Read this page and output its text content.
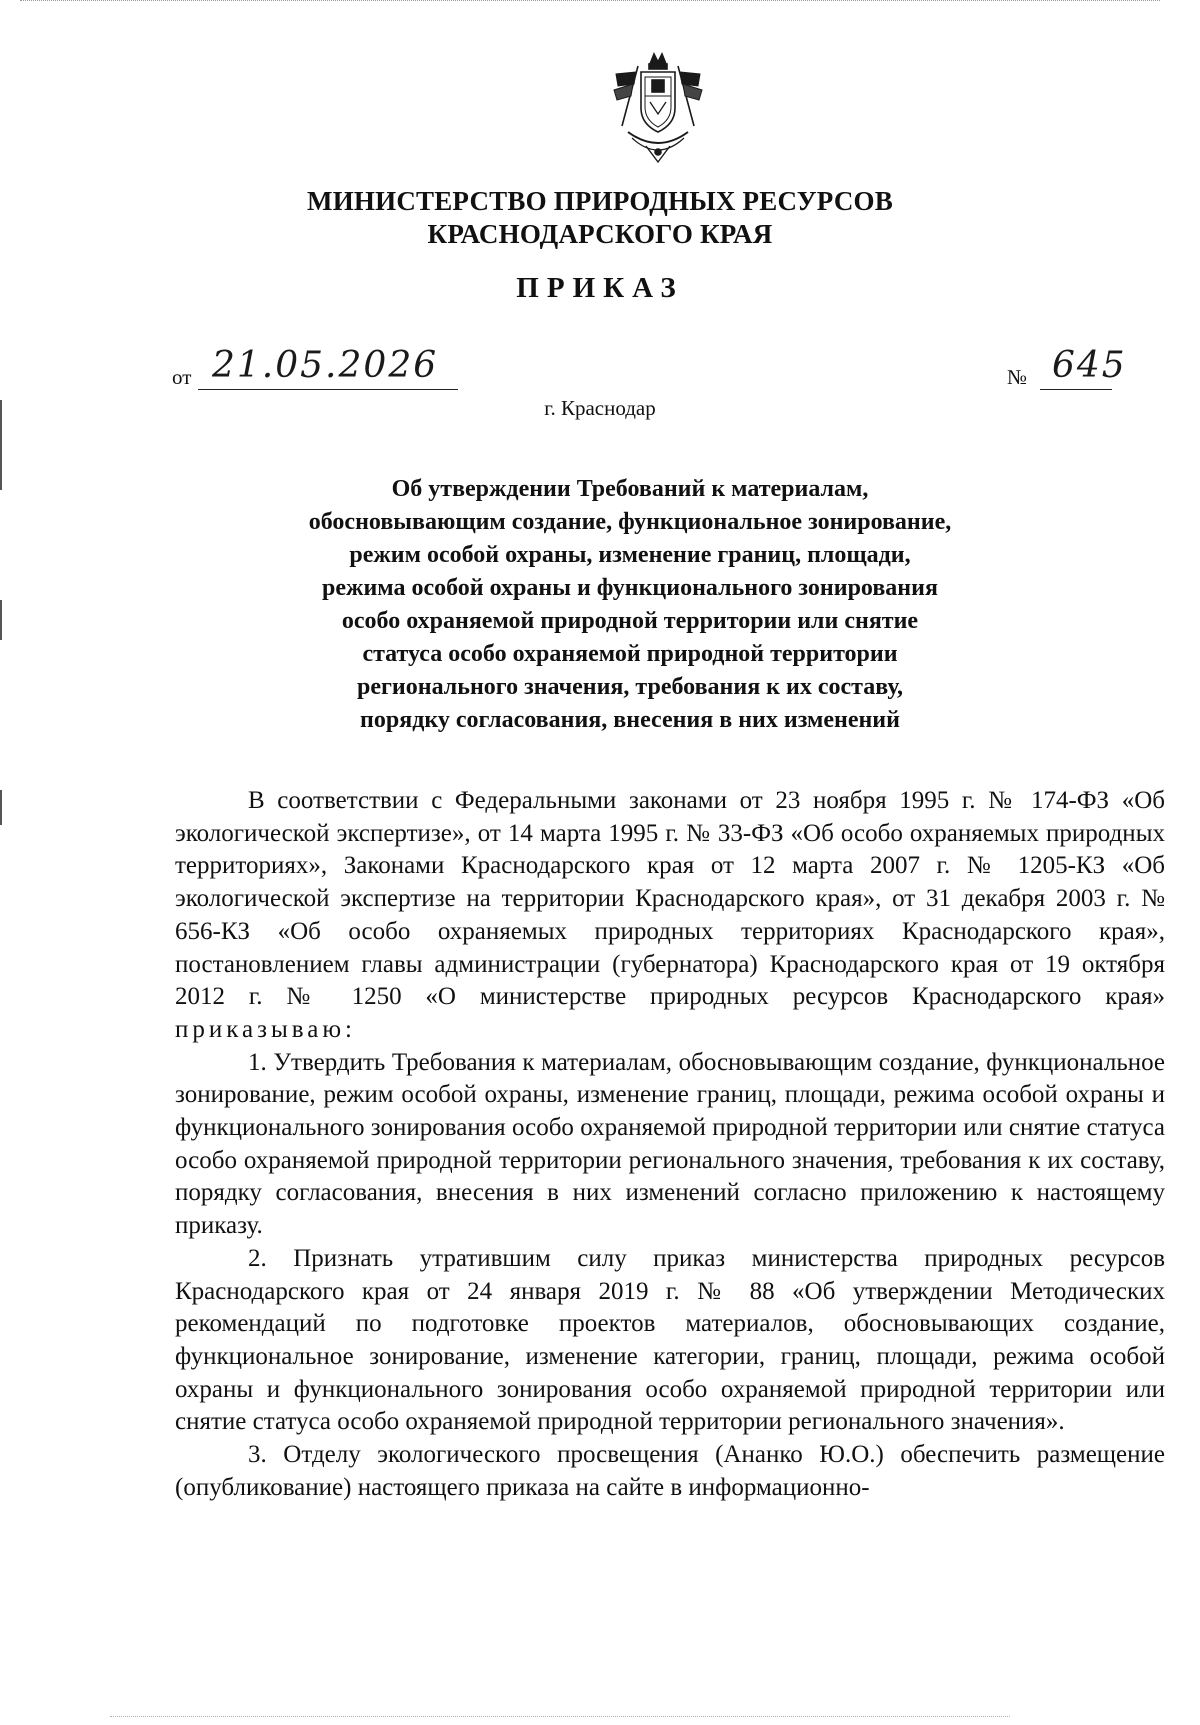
МИНИСТЕРСТВО ПРИРОДНЫХ РЕСУРСОВ
КРАСНОДАРСКОГО КРАЯ
ПРИКАЗ
от 21.05.2026	№ 645
г. Краснодар
Об утверждении Требований к материалам,
обосновывающим создание, функциональное зонирование,
режим особой охраны, изменение границ, площади,
режима особой охраны и функционального зонирования
особо охраняемой природной территории или снятие
статуса особо охраняемой природной территории
регионального значения, требования к их составу,
порядку согласования, внесения в них изменений

В соответствии с Федеральными законами от 23 ноября 1995 г. № 174-ФЗ «Об экологической экспертизе», от 14 марта 1995 г. № 33-ФЗ «Об особо охраняемых природных территориях», Законами Краснодарского края от 12 марта 2007 г. № 1205-КЗ «Об экологической экспертизе на территории Краснодарского края», от 31 декабря 2003 г. № 656-КЗ «Об особо охраняемых природных территориях Краснодарского края», постановлением главы администрации (губернатора) Краснодарского края от 19 октября 2012 г. № 1250 «О министерстве природных ресурсов Краснодарского края» приказываю:

1. Утвердить Требования к материалам, обосновывающим создание, функциональное зонирование, режим особой охраны, изменение границ, площади, режима особой охраны и функционального зонирования особо охраняемой природной территории или снятие статуса особо охраняемой природной территории регионального значения, требования к их составу, порядку согласования, внесения в них изменений согласно приложению к настоящему приказу.

2. Признать утратившим силу приказ министерства природных ресурсов Краснодарского края от 24 января 2019 г. № 88 «Об утверждении Методических рекомендаций по подготовке проектов материалов, обосновывающих создание, функциональное зонирование, изменение категории, границ, площади, режима особой охраны и функционального зонирования особо охраняемой природной территории или снятие статуса особо охраняемой природной территории регионального значения».

3. Отделу экологического просвещения (Ананко Ю.О.) обеспечить размещение (опубликование) настоящего приказа на сайте в информационно-
